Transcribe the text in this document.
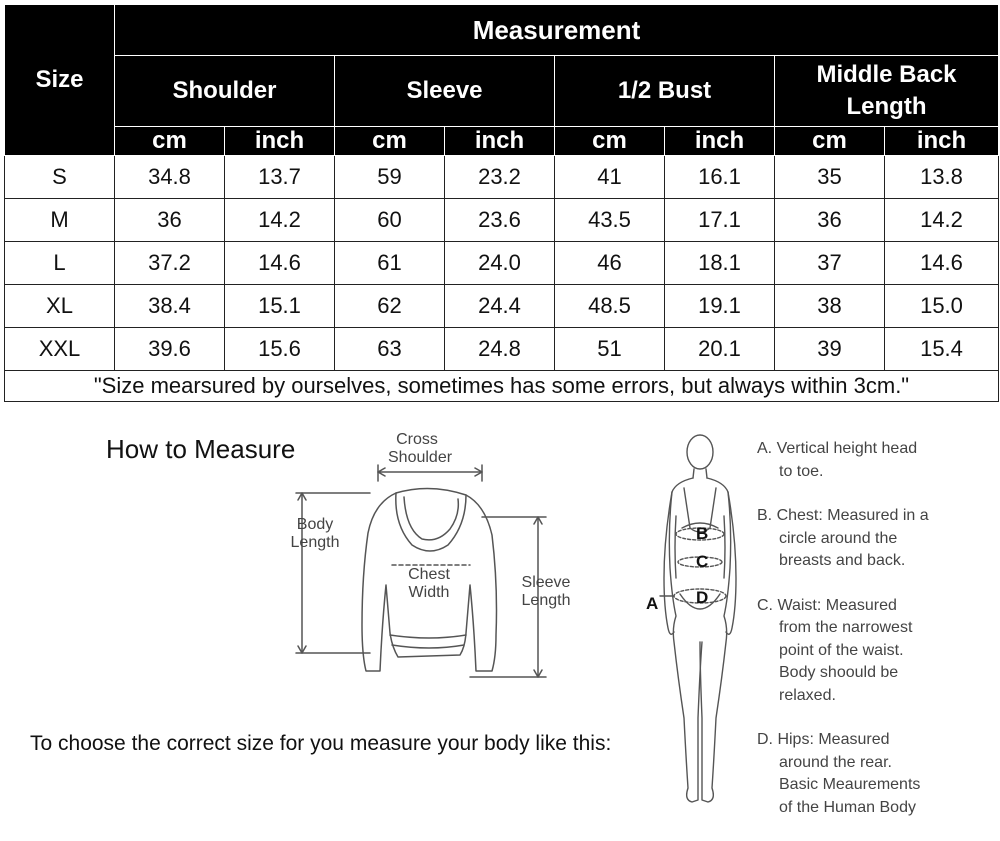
Size	Measurement							
	Shoulder		Sleeve		1/2 Bust		Middle Back Length	
	cm	inch	cm	inch	cm	inch	cm	inch
S	34.8	13.7	59	23.2	41	16.1	35	13.8
M	36	14.2	60	23.6	43.5	17.1	36	14.2
L	37.2	14.6	61	24.0	46	18.1	37	14.6
XL	38.4	15.1	62	24.4	48.5	19.1	38	15.0
XXL	39.6	15.6	63	24.8	51	20.1	39	15.4
"Size mearsured by ourselves, sometimes has some errors, but always within 3cm."								
How to Measure	Cross
Shoulder
Body
Length
Chest
Width
Sleeve
Length
To choose the correct size for you measure your body like this:
A
B
C
D
A. Vertical height head
to toe.
B. Chest: Measured in a
circle around the
breasts and back.
C. Waist: Measured
from the narrowest
point of the waist.
Body shoould be
relaxed.
D. Hips: Measured
around the rear.
Basic Meaurements
of the Human Body
